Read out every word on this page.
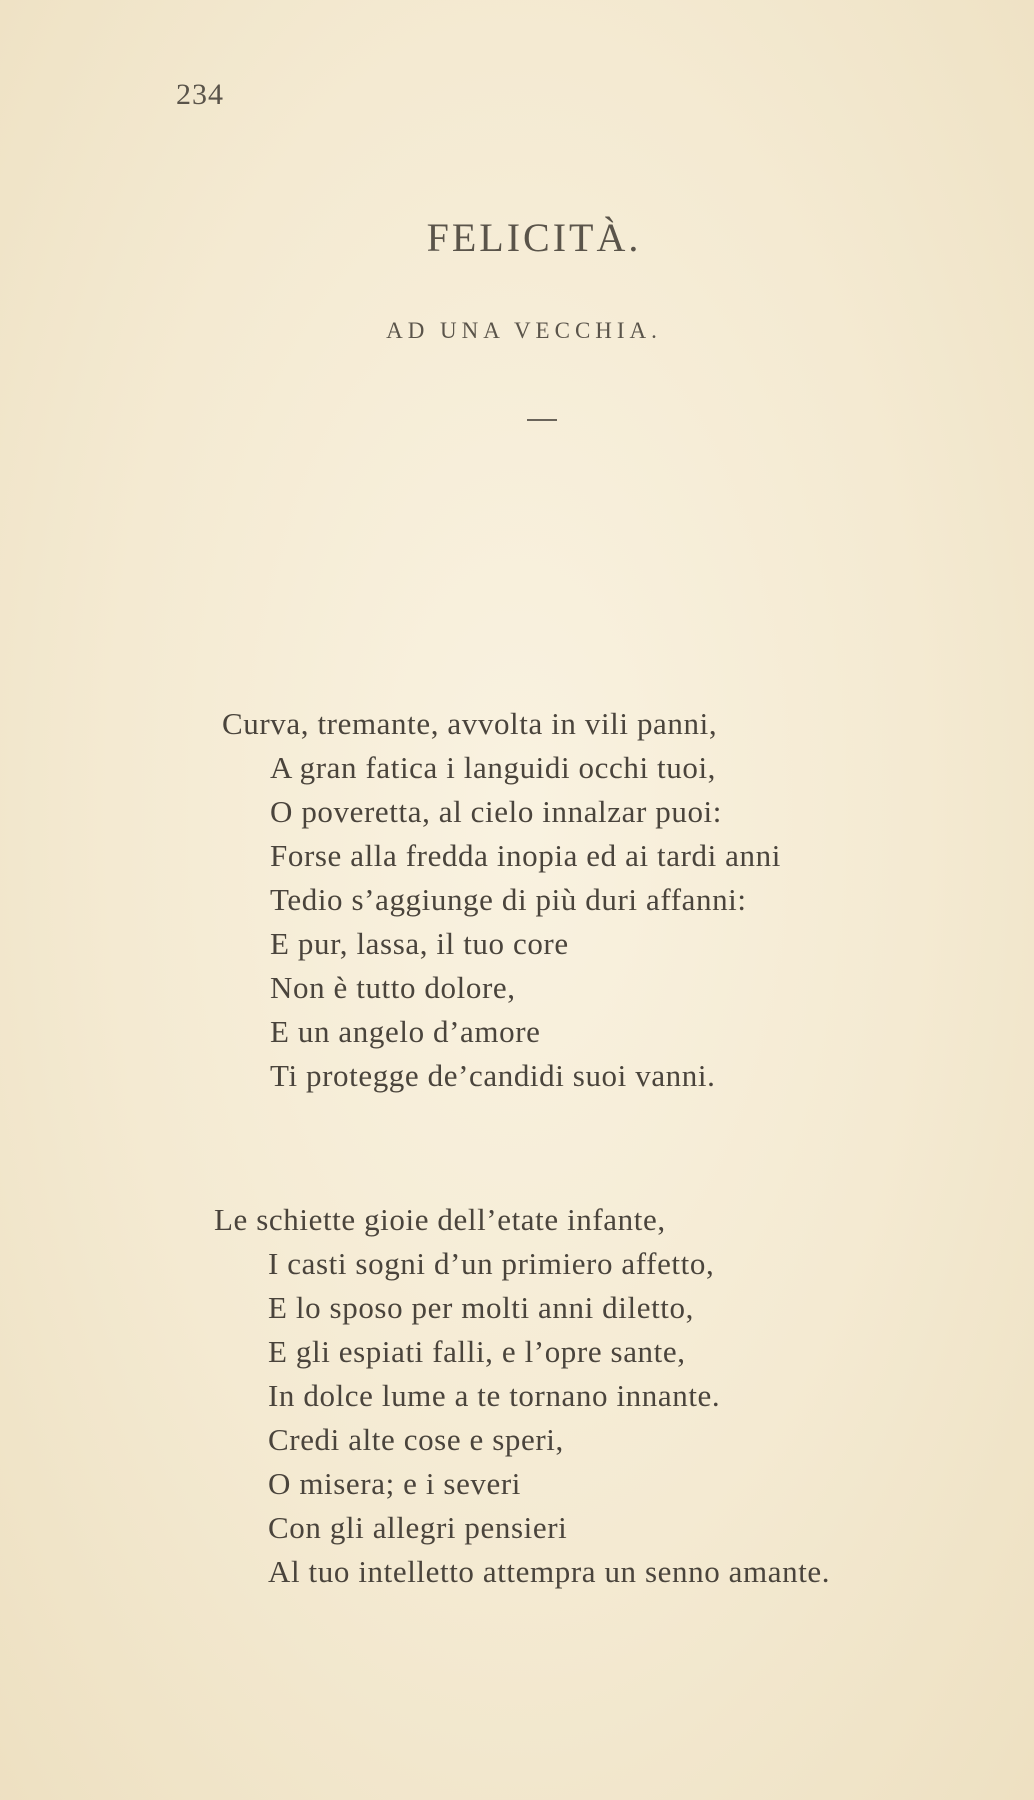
234
FELICITÀ.
AD UNA VECCHIA.
Curva, tremante, avvolta in vili panni,
A gran fatica i languidi occhi tuoi,
O poveretta, al cielo innalzar puoi:
Forse alla fredda inopia ed ai tardi anni
Tedio s’aggiunge di più duri affanni:
E pur, lassa, il tuo core
Non è tutto dolore,
E un angelo d’amore
Ti protegge de’candidi suoi vanni.
Le schiette gioie dell’etate infante,
I casti sogni d’un primiero affetto,
E lo sposo per molti anni diletto,
E gli espiati falli, e l’opre sante,
In dolce lume a te tornano innante.
Credi alte cose e speri,
O misera; e i severi
Con gli allegri pensieri
Al tuo intelletto attempra un senno amante.
